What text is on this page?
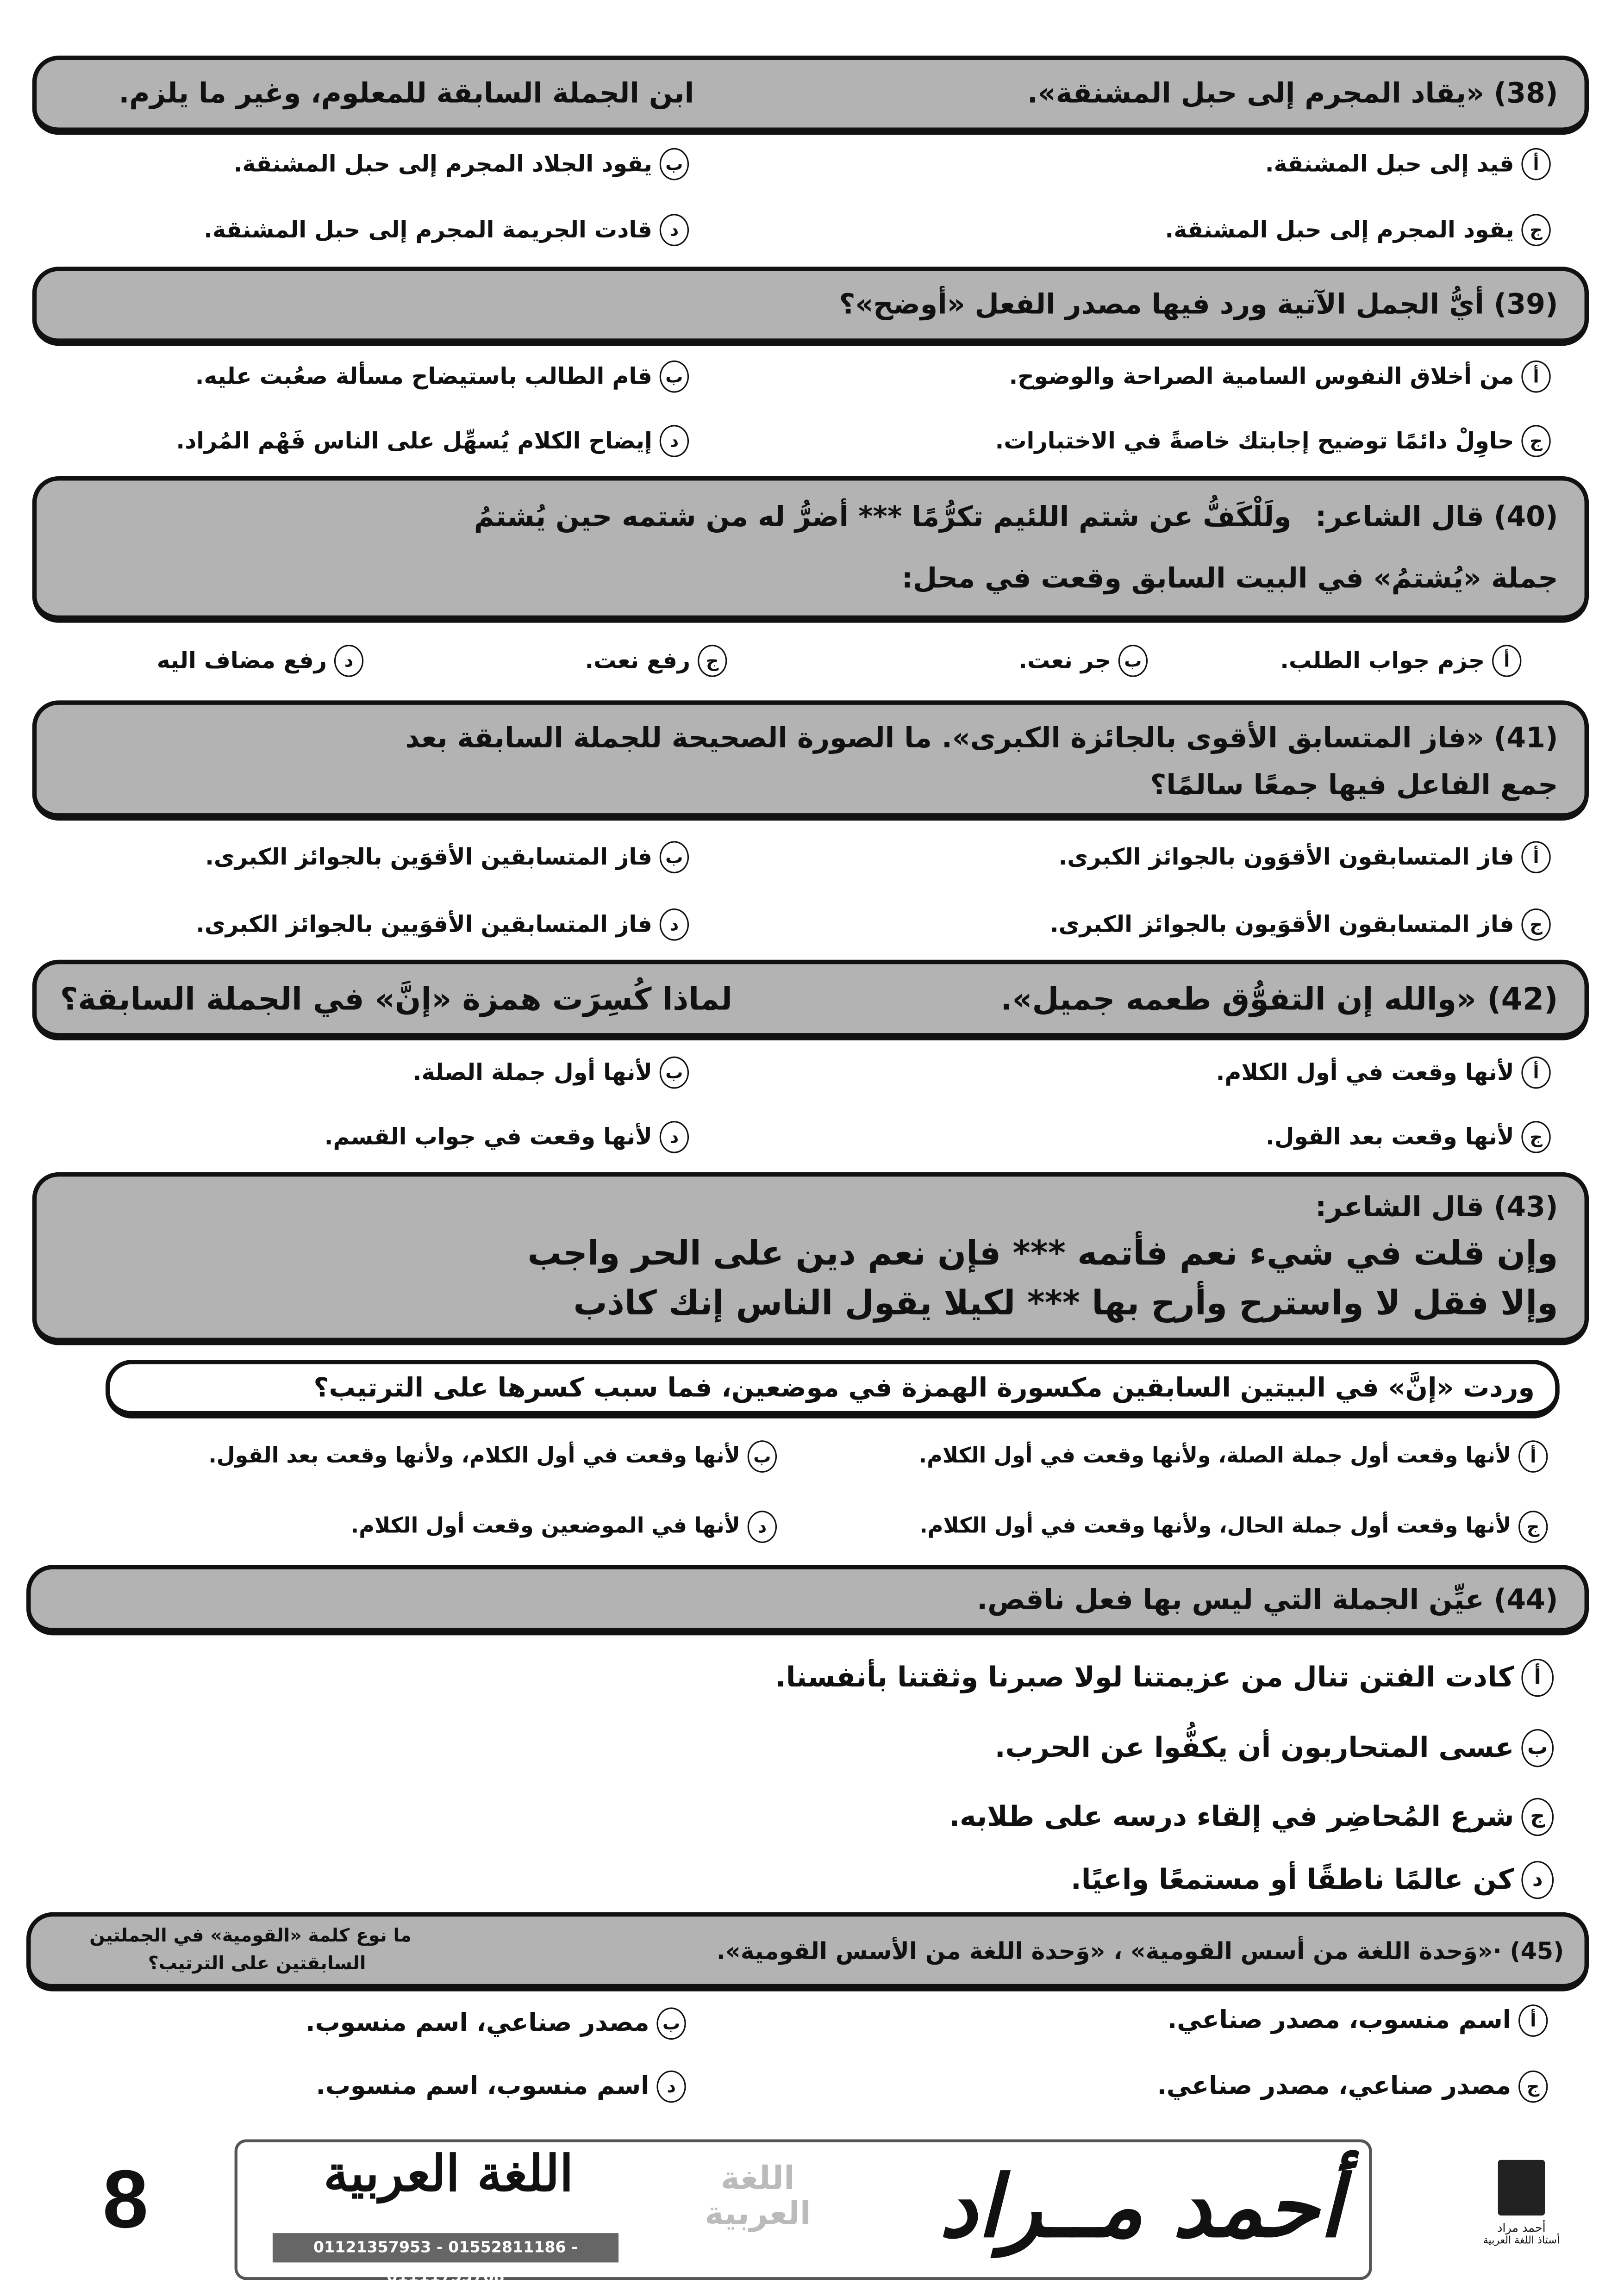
(38) «يقاد المجرم إلى حبل المشنقة».
ابن الجملة السابقة للمعلوم، وغير ما يلزم.
أ
قيد إلى حبل المشنقة.
ب
يقود الجلاد المجرم إلى حبل المشنقة.
ج
يقود المجرم إلى حبل المشنقة.
د
قادت الجريمة المجرم إلى حبل المشنقة.
(39) أيُّ الجمل الآتية ورد فيها مصدر الفعل «أوضح»؟
أ
من أخلاق النفوس السامية الصراحة والوضوح.
ب
قام الطالب باستيضاح مسألة صعُبت عليه.
ج
حاوِلْ دائمًا توضيح إجابتك خاصةً في الاختبارات.
د
إيضاح الكلام يُسهِّل على الناس فَهْم المُراد.
(40) قال الشاعر:
ولَلْكَفُّ عن شتم اللئيم تكرُّمًا *** أضرُّ له من شتمه حين يُشتمُ
جملة «يُشتمُ» في البيت السابق وقعت في محل:
أ
جزم جواب الطلب.
ب
جر نعت.
ج
رفع نعت.
د
رفع مضاف اليه
(41) «فاز المتسابق الأقوى بالجائزة الكبرى». ما الصورة الصحيحة للجملة السابقة بعد
جمع الفاعل فيها جمعًا سالمًا؟
أ
فاز المتسابقون الأقوَون بالجوائز الكبرى.
ب
فاز المتسابقين الأقوَين بالجوائز الكبرى.
ج
فاز المتسابقون الأقوَيون بالجوائز الكبرى.
د
فاز المتسابقين الأقوَيين بالجوائز الكبرى.
(42) «والله إن التفوُّق طعمه جميل».
لماذا كُسِرَت همزة «إنَّ» في الجملة السابقة؟
أ
لأنها وقعت في أول الكلام.
ب
لأنها أول جملة الصلة.
ج
لأنها وقعت بعد القول.
د
لأنها وقعت في جواب القسم.
(43) قال الشاعر:
وإن قلت في شيء نعم فأتمه *** فإن نعم دين على الحر واجب
وإلا فقل لا واسترح وأرح بها *** لكيلا يقول الناس إنك كاذب
وردت «إنَّ» في البيتين السابقين مكسورة الهمزة في موضعين، فما سبب كسرها على الترتيب؟
أ
لأنها وقعت أول جملة الصلة، ولأنها وقعت في أول الكلام.
ب
لأنها وقعت في أول الكلام، ولأنها وقعت بعد القول.
ج
لأنها وقعت أول جملة الحال، ولأنها وقعت في أول الكلام.
د
لأنها في الموضعين وقعت أول الكلام.
(44) عيِّن الجملة التي ليس بها فعل ناقص.
أ
كادت الفتن تنال من عزيمتنا لولا صبرنا وثقتنا بأنفسنا.
ب
عسى المتحاربون أن يكفُّوا عن الحرب.
ج
شرع المُحاضِر في إلقاء درسه على طلابه.
د
كن عالمًا ناطقًا أو مستمعًا واعيًا.
(45) ·«وَحدة اللغة من أسس القومية» ، «وَحدة اللغة من الأسس القومية».
ما نوع كلمة «القومية» في الجملتين
السابقتين على الترتيب؟
أ
اسم منسوب، مصدر صناعي.
ب
مصدر صناعي، اسم منسوب.
ج
مصدر صناعي، مصدر صناعي.
د
اسم منسوب، اسم منسوب.
8	اللغة العربية
01121357953 - 01552811186 - 01111755768
اللغة العربية	أحمد مــراد	أحمد مراد
أستاذ اللغة العربية
